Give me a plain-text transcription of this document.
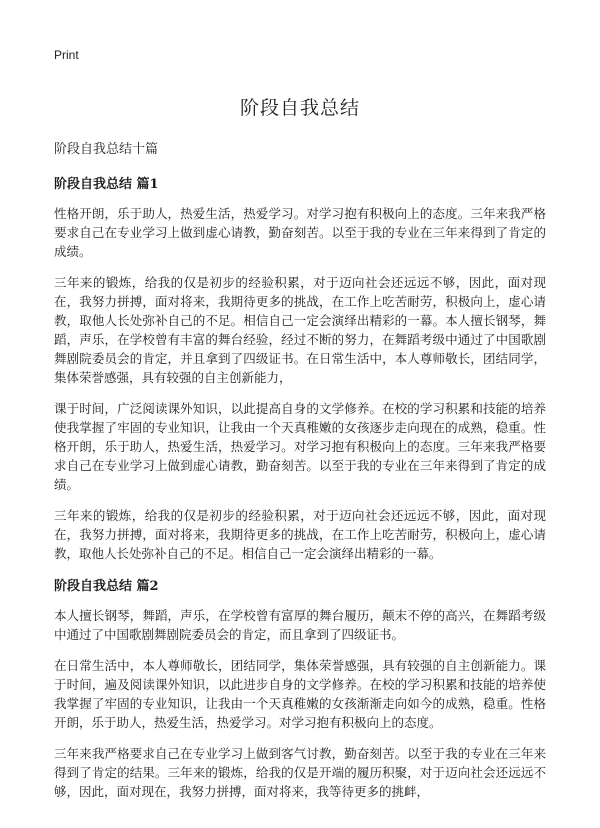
Print
阶段自我总结

阶段自我总结十篇

阶段自我总结 篇1

性格开朗，乐于助人，热爱生活，热爱学习。对学习抱有积极向上的态度。三年来我严格要求自己在专业学习上做到虚心请教，勤奋刻苦。以至于我的专业在三年来得到了肯定的成绩。

三年来的锻炼，给我的仅是初步的经验积累，对于迈向社会还远远不够，因此，面对现在，我努力拼搏，面对将来，我期待更多的挑战，在工作上吃苦耐劳，积极向上，虚心请教，取他人长处弥补自己的不足。相信自己一定会演绎出精彩的一幕。本人擅长钢琴，舞蹈，声乐，在学校曾有丰富的舞台经验，经过不断的努力，在舞蹈考级中通过了中国歌剧舞剧院委员会的肯定，并且拿到了四级证书。在日常生活中，本人尊师敬长，团结同学，集体荣誉感强，具有较强的自主创新能力，

课于时间，广泛阅读课外知识，以此提高自身的文学修养。在校的学习积累和技能的培养使我掌握了牢固的专业知识，让我由一个天真稚嫩的女孩逐步走向现在的成熟，稳重。性格开朗，乐于助人，热爱生活，热爱学习。对学习抱有积极向上的态度。三年来我严格要求自己在专业学习上做到虚心请教，勤奋刻苦。以至于我的专业在三年来得到了肯定的成绩。

三年来的锻炼，给我的仅是初步的经验积累，对于迈向社会还远远不够，因此，面对现在，我努力拼搏，面对将来，我期待更多的挑战，在工作上吃苦耐劳，积极向上，虚心请教，取他人长处弥补自己的不足。相信自己一定会演绎出精彩的一幕。

阶段自我总结 篇2

本人擅长钢琴，舞蹈，声乐，在学校曾有富厚的舞台履历，颠末不停的高兴，在舞蹈考级中通过了中国歌剧舞剧院委员会的肯定，而且拿到了四级证书。

在日常生活中，本人尊师敬长，团结同学，集体荣誉感强，具有较强的自主创新能力。课于时间，遍及阅读课外知识，以此进步自身的文学修养。在校的学习积累和技能的培养使我掌握了牢固的专业知识，让我由一个天真稚嫩的女孩渐渐走向如今的成熟，稳重。性格开朗，乐于助人，热爱生活，热爱学习。对学习抱有积极向上的态度。

三年来我严格要求自己在专业学习上做到客气讨教，勤奋刻苦。以至于我的专业在三年来得到了肯定的结果。三年来的锻炼，给我的仅是开端的履历积聚，对于迈向社会还远远不够，因此，面对现在，我努力拼搏，面对将来，我等待更多的挑衅，
